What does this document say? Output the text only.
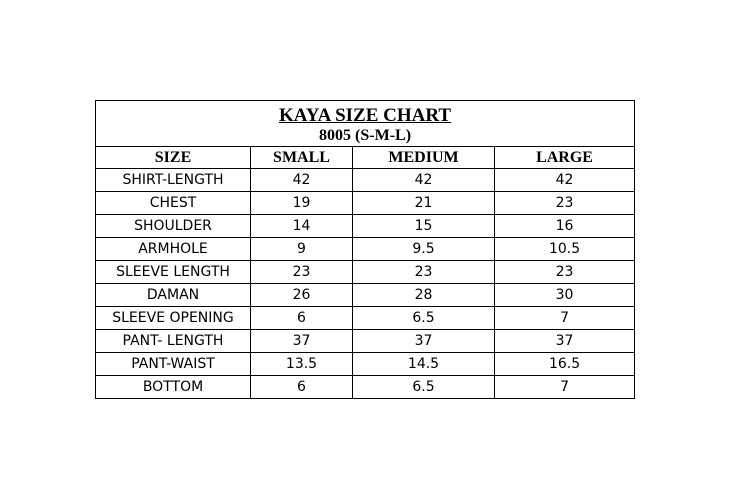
KAYA SIZE CHART
8005 (S-M-L)			

SIZE	SMALL	MEDIUM	LARGE
SHIRT-LENGTH	42	42	42
CHEST	19	21	23
SHOULDER	14	15	16
ARMHOLE	9	9.5	10.5
SLEEVE LENGTH	23	23	23
DAMAN	26	28	30
SLEEVE OPENING	6	6.5	7
PANT- LENGTH	37	37	37
PANT-WAIST	13.5	14.5	16.5
BOTTOM	6	6.5	7
